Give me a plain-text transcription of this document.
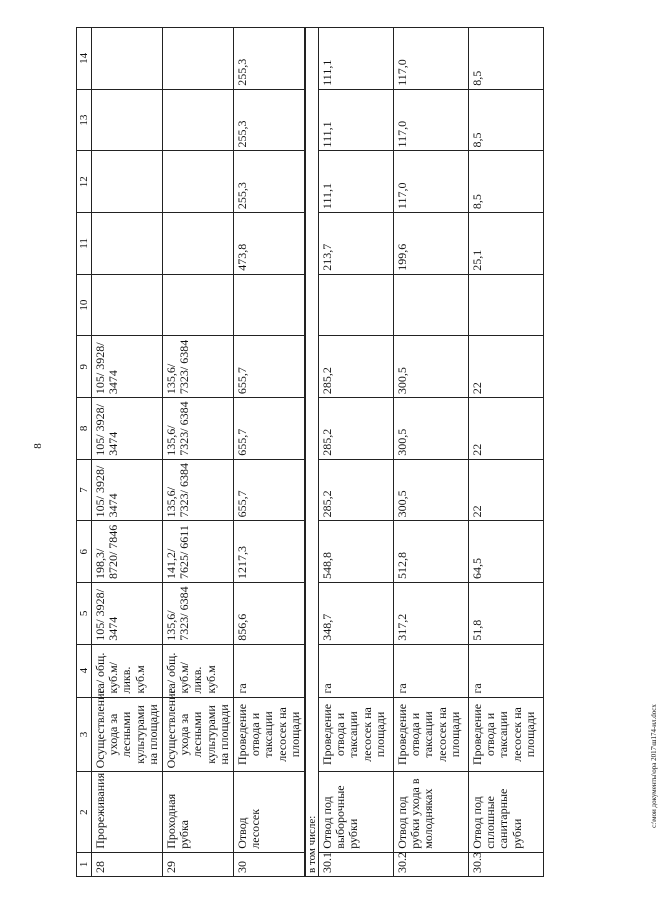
8
c:\мои документы\ора 2017\ш174-ил.docx
1	2	3	4	5	6	7	8	9	10	11	12	13	14
28	Прореживания	Осуществление ухода за лесными культурами на площади	га/ общ. куб.м/ ликв. куб.м	105/ 3928/ 3474	198,3/ 8720/ 7846	105/ 3928/ 3474	105/ 3928/ 3474	105/ 3928/ 3474					
29	Проходная рубка	Осуществление ухода за лесными культурами на площади	га/ общ. куб.м/ ликв. куб.м	135,6/ 7323/ 6384	141,2/ 7625/ 6611	135,6/ 7323/ 6384	135,6/ 7323/ 6384	135,6/ 7323/ 6384					
30	Отвод лесосек	Проведение отвода и таксации лесосек на площади	га	856,6	1217,3	655,7	655,7	655,7		473,8	255,3	255,3	255,3
в том числе:													
30.1	Отвод под выборочные рубки	Проведение отвода и таксации лесосек на площади	га	348,7	548,8	285,2	285,2	285,2		213,7	111,1	111,1	111,1
30.2	Отвод под рубки ухода в молодняках	Проведение отвода и таксации лесосек на площади	га	317,2	512,8	300,5	300,5	300,5		199,6	117,0	117,0	117,0
30.3	Отвод под сплошные санитарные рубки	Проведение отвода и таксации лесосек на площади	га	51,8	64,5	22	22	22		25,1	8,5	8,5	8,5
